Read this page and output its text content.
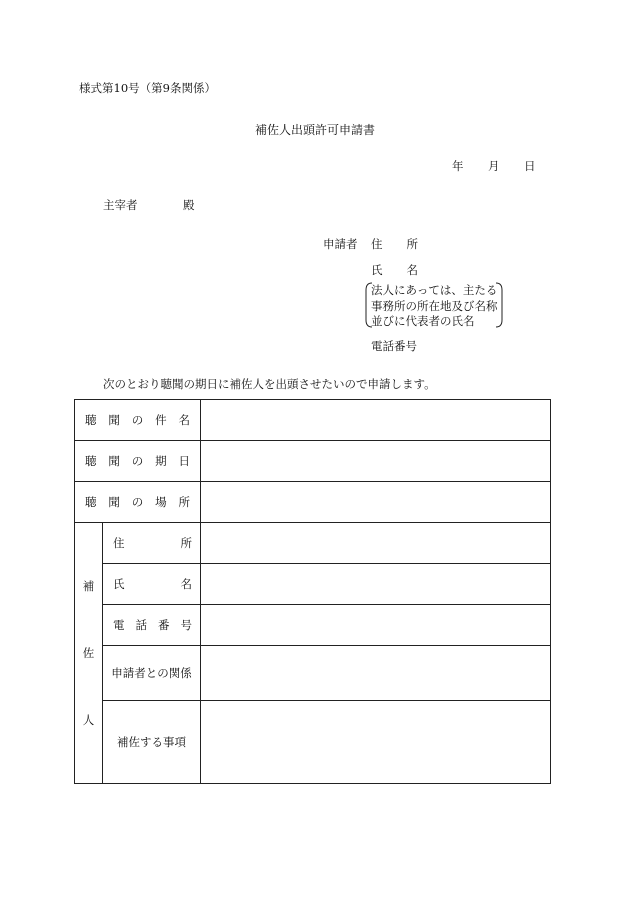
様式第10号（第9条関係）
補佐人出頭許可申請書
年 月 日
主宰者	殿
申請者 住 所
氏 名
法人にあっては、主たる
事務所の所在地及び名称
並びに代表者の氏名
電話番号
次のとおり聴聞の期日に補佐人を出頭させたいので申請します。
聴 聞 の 件 名		

聴 聞 の 期 日		

聴 聞 の 場 所		

補
佐
人	住 所	

	氏 名	

	電 話 番 号	

	申請者との関係	
	補佐する事項	
